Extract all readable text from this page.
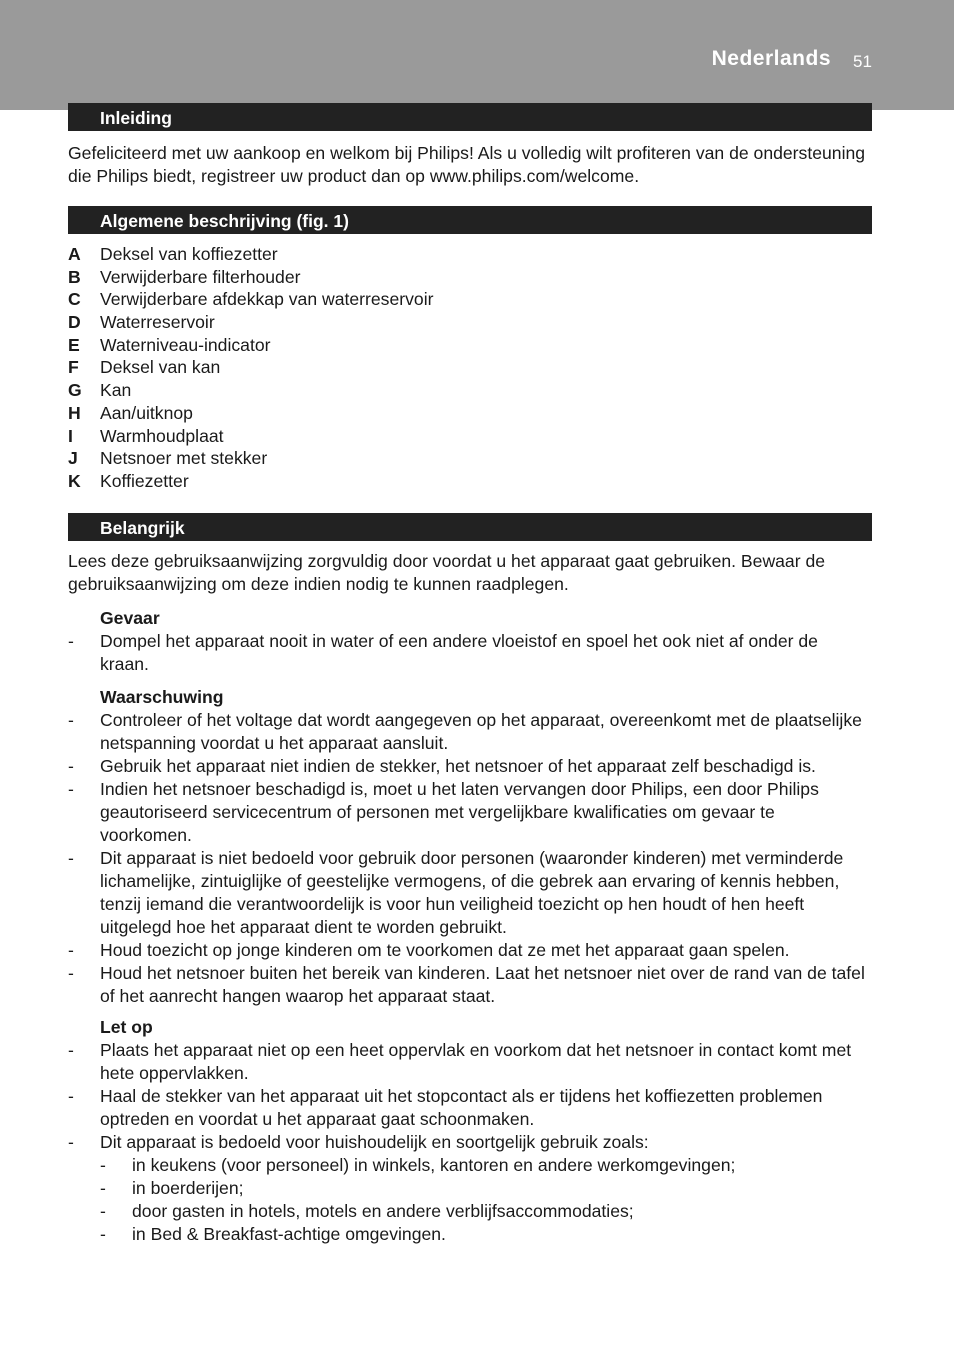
Nederlands 51
Inleiding

Gefeliciteerd met uw aankoop en welkom bij Philips! Als u volledig wilt profiteren van de ondersteuning die Philips biedt, registreer uw product dan op www.philips.com/welcome.

Algemene beschrijving (fig. 1)
A Deksel van koffiezetter
B Verwijderbare filterhouder
C Verwijderbare afdekkap van waterreservoir
D Waterreservoir
E Waterniveau-indicator
F Deksel van kan
G Kan
H Aan/uitknop
I Warmhoudplaat
J Netsnoer met stekker
K Koffiezetter
Belangrijk

Lees deze gebruiksaanwijzing zorgvuldig door voordat u het apparaat gaat gebruiken. Bewaar de gebruiksaanwijzing om deze indien nodig te kunnen raadplegen.

Gevaar
- Dompel het apparaat nooit in water of een andere vloeistof en spoel het ook niet af onder de kraan.
Waarschuwing
- Controleer of het voltage dat wordt aangegeven op het apparaat, overeenkomt met de plaatselijke netspanning voordat u het apparaat aansluit.
- Gebruik het apparaat niet indien de stekker, het netsnoer of het apparaat zelf beschadigd is.
- Indien het netsnoer beschadigd is, moet u het laten vervangen door Philips, een door Philips geautoriseerd servicecentrum of personen met vergelijkbare kwalificaties om gevaar te voorkomen.
- Dit apparaat is niet bedoeld voor gebruik door personen (waaronder kinderen) met verminderde lichamelijke, zintuiglijke of geestelijke vermogens, of die gebrek aan ervaring of kennis hebben, tenzij iemand die verantwoordelijk is voor hun veiligheid toezicht op hen houdt of hen heeft uitgelegd hoe het apparaat dient te worden gebruikt.
- Houd toezicht op jonge kinderen om te voorkomen dat ze met het apparaat gaan spelen.
- Houd het netsnoer buiten het bereik van kinderen. Laat het netsnoer niet over de rand van de tafel of het aanrecht hangen waarop het apparaat staat.
Let op
- Plaats het apparaat niet op een heet oppervlak en voorkom dat het netsnoer in contact komt met hete oppervlakken.
- Haal de stekker van het apparaat uit het stopcontact als er tijdens het koffiezetten problemen optreden en voordat u het apparaat gaat schoonmaken.
- Dit apparaat is bedoeld voor huishoudelijk en soortgelijk gebruik zoals:
- in keukens (voor personeel) in winkels, kantoren en andere werkomgevingen;
- in boerderijen;
- door gasten in hotels, motels en andere verblijfsaccommodaties;
- in Bed & Breakfast-achtige omgevingen.
